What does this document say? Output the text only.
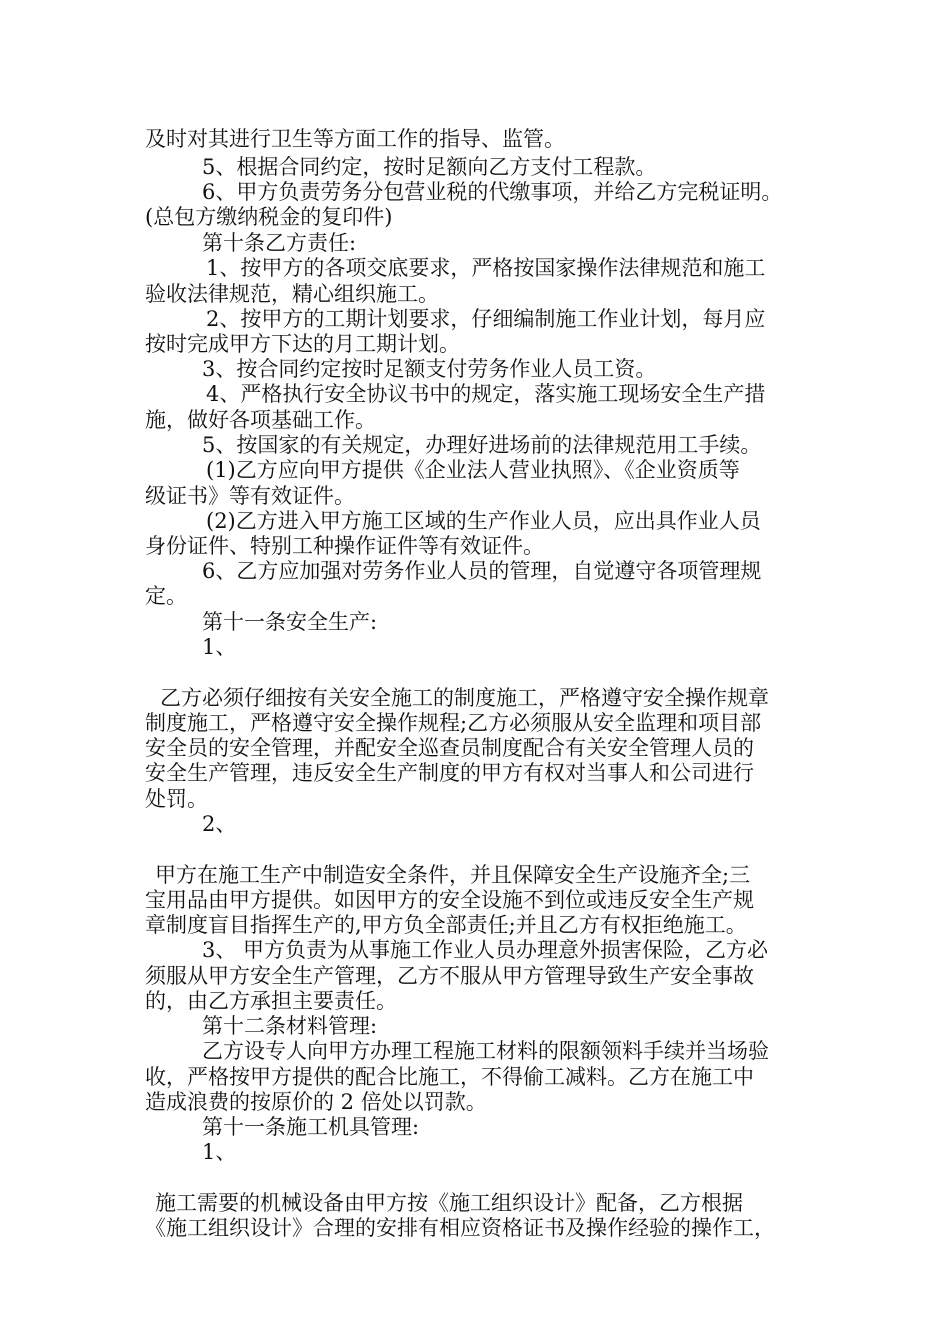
及时对其进行卫生等方面工作的指导、监管。

5、根据合同约定，按时足额向乙方支付工程款。

6、甲方负责劳务分包营业税的代缴事项，并给乙方完税证明。

(总包方缴纳税金的复印件)

第十条乙方责任:

1、按甲方的各项交底要求，严格按国家操作法律规范和施工

验收法律规范，精心组织施工。

2、按甲方的工期计划要求，仔细编制施工作业计划，每月应

按时完成甲方下达的月工期计划。

3、按合同约定按时足额支付劳务作业人员工资。

4、严格执行安全协议书中的规定，落实施工现场安全生产措

施，做好各项基础工作。

5、按国家的有关规定，办理好进场前的法律规范用工手续。

(1)乙方应向甲方提供《企业法人营业执照》、《企业资质等

级证书》等有效证件。

(2)乙方进入甲方施工区域的生产作业人员，应出具作业人员

身份证件、特别工种操作证件等有效证件。

6、乙方应加强对劳务作业人员的管理，自觉遵守各项管理规

定。

第十一条安全生产:

1、

乙方必须仔细按有关安全施工的制度施工，严格遵守安全操作规章

制度施工，严格遵守安全操作规程;乙方必须服从安全监理和项目部

安全员的安全管理，并配安全巡查员制度配合有关安全管理人员的

安全生产管理，违反安全生产制度的甲方有权对当事人和公司进行

处罚。

2、

甲方在施工生产中制造安全条件，并且保障安全生产设施齐全;三

宝用品由甲方提供。如因甲方的安全设施不到位或违反安全生产规

章制度盲目指挥生产的,甲方负全部责任;并且乙方有权拒绝施工。

3、 甲方负责为从事施工作业人员办理意外损害保险，乙方必

须服从甲方安全生产管理，乙方不服从甲方管理导致生产安全事故

的，由乙方承担主要责任。

第十二条材料管理:

乙方设专人向甲方办理工程施工材料的限额领料手续并当场验

收，严格按甲方提供的配合比施工，不得偷工减料。乙方在施工中

造成浪费的按原价的 2 倍处以罚款。

第十一条施工机具管理:

1、

施工需要的机械设备由甲方按《施工组织设计》配备，乙方根据

《施工组织设计》合理的安排有相应资格证书及操作经验的操作工，
